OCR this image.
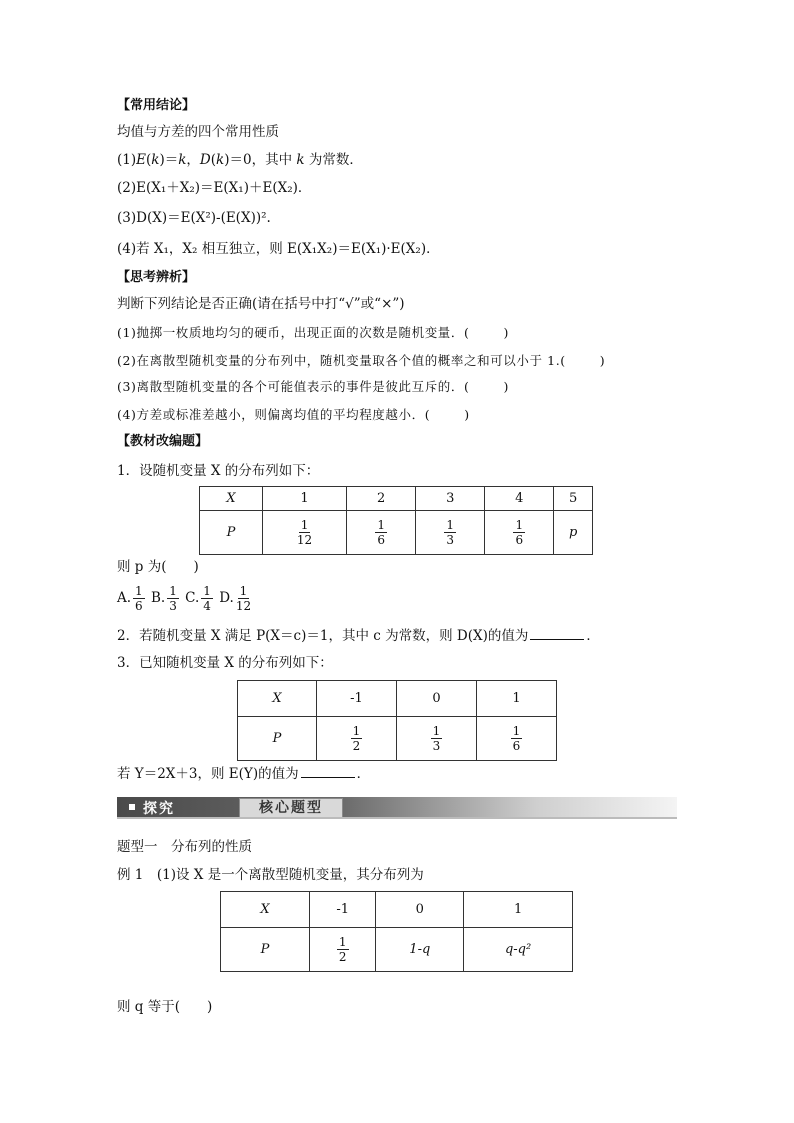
【常用结论】
均值与方差的四个常用性质
(1)E(k)＝k，D(k)＝0，其中 k 为常数．
(2)E(X₁＋X₂)＝E(X₁)＋E(X₂)．
(3)D(X)＝E(X²)-(E(X))².
(4)若 X₁，X₂ 相互独立，则 E(X₁X₂)＝E(X₁)·E(X₂)．
【思考辨析】
判断下列结论是否正确(请在括号中打“√”或“×”)
(1)抛掷一枚质地均匀的硬币，出现正面的次数是随机变量．(	)
(2)在离散型随机变量的分布列中，随机变量取各个值的概率之和可以小于 1.(	)
(3)离散型随机变量的各个可能值表示的事件是彼此互斥的．(	)
(4)方差或标准差越小，则偏离均值的平均程度越小．(	)
【教材改编题】
1．设随机变量 X 的分布列如下：
X	1	2	3	4	5
P	$\frac{1}{12}$	$\frac{1}{6}$	$\frac{1}{3}$	$\frac{1}{6}$	p
则 p 为(　　)
A. $\frac{1}{6} B$. $\frac{1}{3} C$. $\frac{1}{4} D$. $\frac{1}{12}$
2．若随机变量 X 满足 P(X＝c)＝1，其中 c 为常数，则 D(X)的值为	．
3．已知随机变量 X 的分布列如下：
X	-1	0	1
P	$\frac{1}{2}$	$\frac{1}{3}$	$\frac{1}{6}$
若 Y＝2X＋3，则 E(Y)的值为	．
探究	核心题型
题型一　分布列的性质
例 1　(1)设 X 是一个离散型随机变量，其分布列为
X	-1	0	1
P	$\frac{1}{2}$	1-q	q-q²
则 q 等于(　　)
